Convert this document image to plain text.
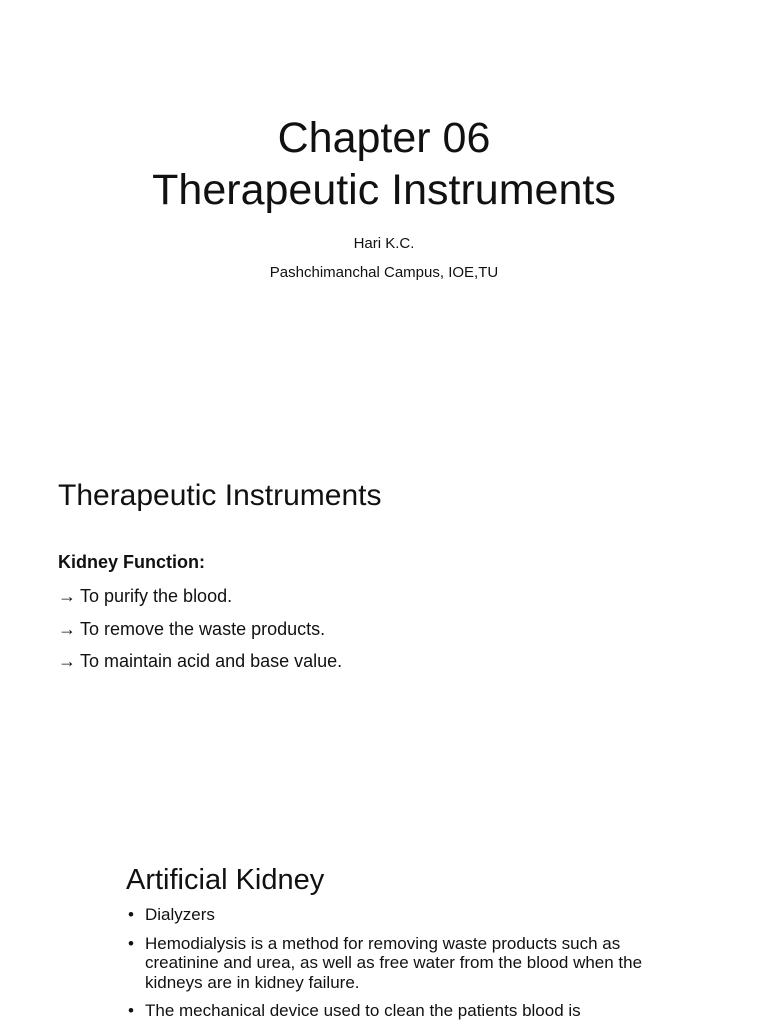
Chapter 06
Therapeutic Instruments
Hari K.C.
Pashchimanchal Campus, IOE,TU
Therapeutic Instruments
Kidney Function:
→ To purify the blood.
→ To remove the waste products.
→ To maintain acid and base value.
Artificial Kidney
• Dialyzers
• Hemodialysis is a method for removing waste products such as creatinine and urea, as well as free water from the blood when the kidneys are in kidney failure.
• The mechanical device used to clean the patients blood is
